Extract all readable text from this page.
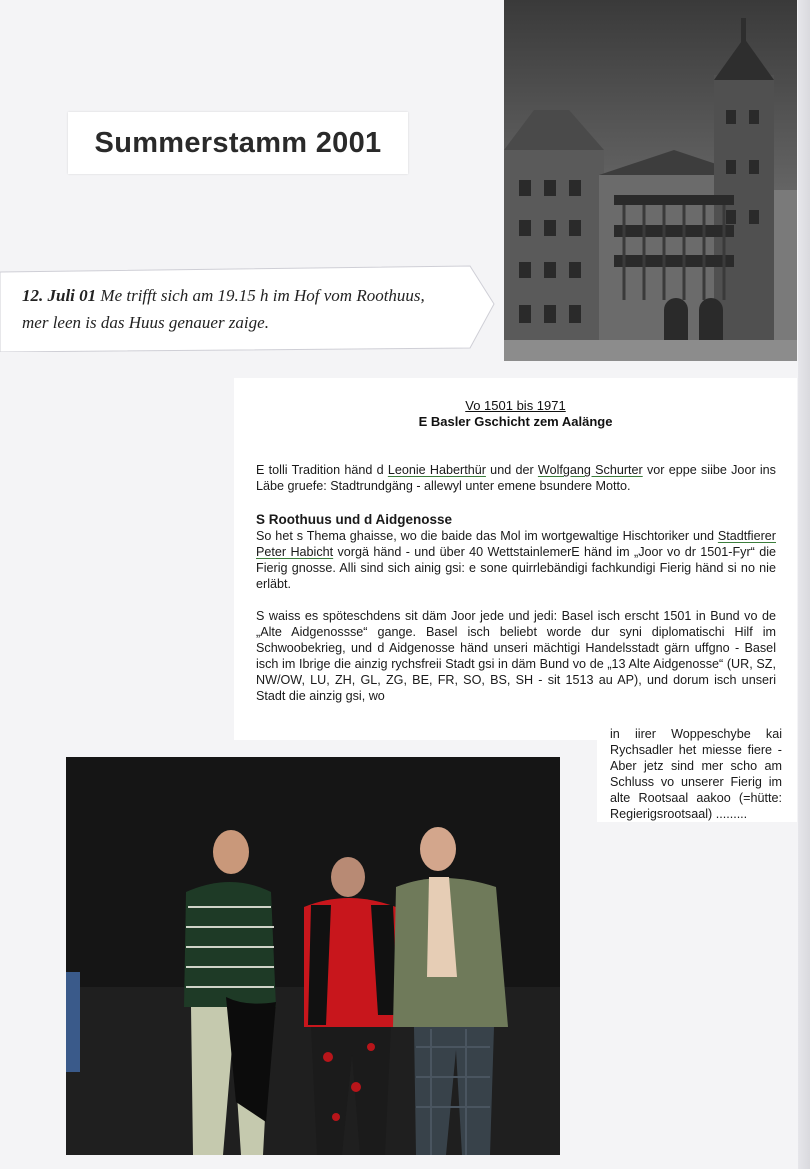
Summerstamm 2001
12. Juli 01 Me trifft sich am 19.15 h im Hof vom Roothuus,
mer leen is das Huus genauer zaige.
Vo 1501 bis 1971
E Basler Gschicht zem Aalänge
E tolli Tradition händ d Leonie Haberthür und der Wolfgang Schurter vor eppe siibe Joor ins Läbe gruefe: Stadtrundgäng - allewyl unter emene bsundere Motto.
S Roothuus und d Aidgenosse
So het s Thema ghaisse, wo die baide das Mol im wortgewaltige Hischtoriker und Stadtfierer Peter Habicht vorgä händ - und über 40 WettstainlemerE händ im „Joor vo dr 1501-Fyr“ die Fierig gnosse. Alli sind sich ainig gsi: e sone quirrlebändigi fachkundigi Fierig händ si no nie erläbt.
S waiss es spöteschdens sit däm Joor jede und jedi: Basel isch erscht 1501 in Bund vo de „Alte Aidgenossse“ gange. Basel isch beliebt worde dur syni diplomatischi Hilf im Schwoobekrieg, und d Aidgenosse händ unseri mächtigi Handelsstadt gärn uffgno - Basel isch im Ibrige die ainzig rychsfreii Stadt gsi in däm Bund vo de „13 Alte Aidgenosse“ (UR, SZ, NW/OW, LU, ZH, GL, ZG, BE, FR, SO, BS, SH - sit 1513 au AP), und dorum isch unseri Stadt die ainzig gsi, wo
in iirer Woppeschybe kai Rychsadler het miesse fiere - Aber jetz sind mer scho am Schluss vo unserer Fierig im alte Rootsaal aakoo (=hütte: Regierigsrootsaal) .........
